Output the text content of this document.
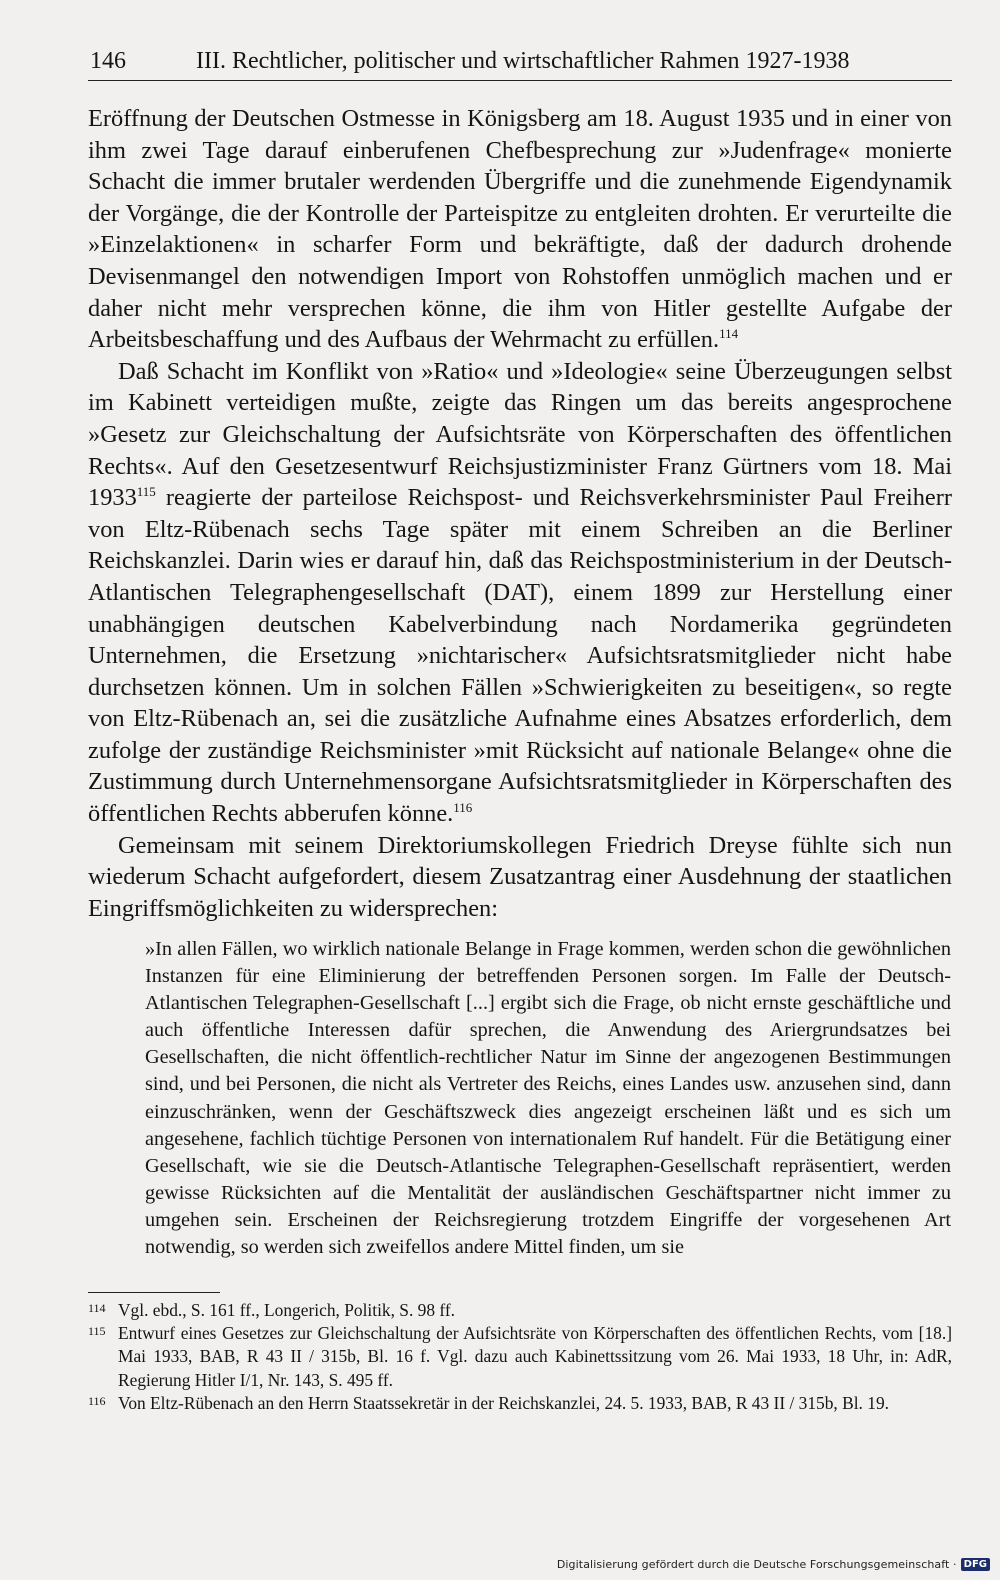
146	III. Rechtlicher, politischer und wirtschaftlicher Rahmen 1927-1938

Eröffnung der Deutschen Ostmesse in Königsberg am 18. August 1935 und in einer von ihm zwei Tage darauf einberufenen Chefbesprechung zur »Judenfrage« monierte Schacht die immer brutaler werdenden Übergriffe und die zunehmende Eigendynamik der Vorgänge, die der Kontrolle der Parteispitze zu entgleiten drohten. Er verurteilte die »Einzelaktionen« in scharfer Form und bekräftigte, daß der dadurch drohende Devisenmangel den notwendigen Import von Rohstoffen unmöglich machen und er daher nicht mehr versprechen könne, die ihm von Hitler gestellte Aufgabe der Arbeitsbeschaffung und des Aufbaus der Wehrmacht zu erfüllen.$^{114}$

Daß Schacht im Konflikt von »Ratio« und »Ideologie« seine Überzeugungen selbst im Kabinett verteidigen mußte, zeigte das Ringen um das bereits angesprochene »Gesetz zur Gleichschaltung der Aufsichtsräte von Körperschaften des öffentlichen Rechts«. Auf den Gesetzesentwurf Reichsjustizminister Franz Gürtners vom 18. Mai 1933$^{115}$ reagierte der parteilose Reichspost- und Reichsverkehrsminister Paul Freiherr von Eltz-Rübenach sechs Tage später mit einem Schreiben an die Berliner Reichskanzlei. Darin wies er darauf hin, daß das Reichspostministerium in der Deutsch-Atlantischen Telegraphengesellschaft (DAT), einem 1899 zur Herstellung einer unabhängigen deutschen Kabelverbindung nach Nordamerika gegründeten Unternehmen, die Ersetzung »nichtarischer« Aufsichtsratsmitglieder nicht habe durchsetzen können. Um in solchen Fällen »Schwierigkeiten zu beseitigen«, so regte von Eltz-Rübenach an, sei die zusätzliche Aufnahme eines Absatzes erforderlich, dem zufolge der zuständige Reichsminister »mit Rücksicht auf nationale Belange« ohne die Zustimmung durch Unternehmensorgane Aufsichtsratsmitglieder in Körperschaften des öffentlichen Rechts abberufen könne.$^{116}$

Gemeinsam mit seinem Direktoriumskollegen Friedrich Dreyse fühlte sich nun wiederum Schacht aufgefordert, diesem Zusatzantrag einer Ausdehnung der staatlichen Eingriffsmöglichkeiten zu widersprechen:

»In allen Fällen, wo wirklich nationale Belange in Frage kommen, werden schon die gewöhnlichen Instanzen für eine Eliminierung der betreffenden Personen sorgen. Im Falle der Deutsch-Atlantischen Telegraphen-Gesellschaft [...] ergibt sich die Frage, ob nicht ernste geschäftliche und auch öffentliche Interessen dafür sprechen, die Anwendung des Ariergrundsatzes bei Gesellschaften, die nicht öffentlich-rechtlicher Natur im Sinne der angezogenen Bestimmungen sind, und bei Personen, die nicht als Vertreter des Reichs, eines Landes usw. anzusehen sind, dann einzuschränken, wenn der Geschäftszweck dies angezeigt erscheinen läßt und es sich um angesehene, fachlich tüchtige Personen von internationalem Ruf handelt. Für die Betätigung einer Gesellschaft, wie sie die Deutsch-Atlantische Telegraphen-Gesellschaft repräsentiert, werden gewisse Rücksichten auf die Mentalität der ausländischen Geschäftspartner nicht immer zu umgehen sein. Erscheinen der Reichsregierung trotzdem Eingriffe der vorgesehenen Art notwendig, so werden sich zweifellos andere Mittel finden, um sie

114 Vgl. ebd., S. 161 ff., Longerich, Politik, S. 98 ff.

115 Entwurf eines Gesetzes zur Gleichschaltung der Aufsichtsräte von Körperschaften des öffentlichen Rechts, vom [18.] Mai 1933, BAB, R 43 II / 315b, Bl. 16 f. Vgl. dazu auch Kabinettssitzung vom 26. Mai 1933, 18 Uhr, in: AdR, Regierung Hitler I/1, Nr. 143, S. 495 ff.

116 Von Eltz-Rübenach an den Herrn Staatssekretär in der Reichskanzlei, 24. 5. 1933, BAB, R 43 II / 315b, Bl. 19.

Digitalisierung gefördert durch die Deutsche Forschungsgemeinschaft · DFG
